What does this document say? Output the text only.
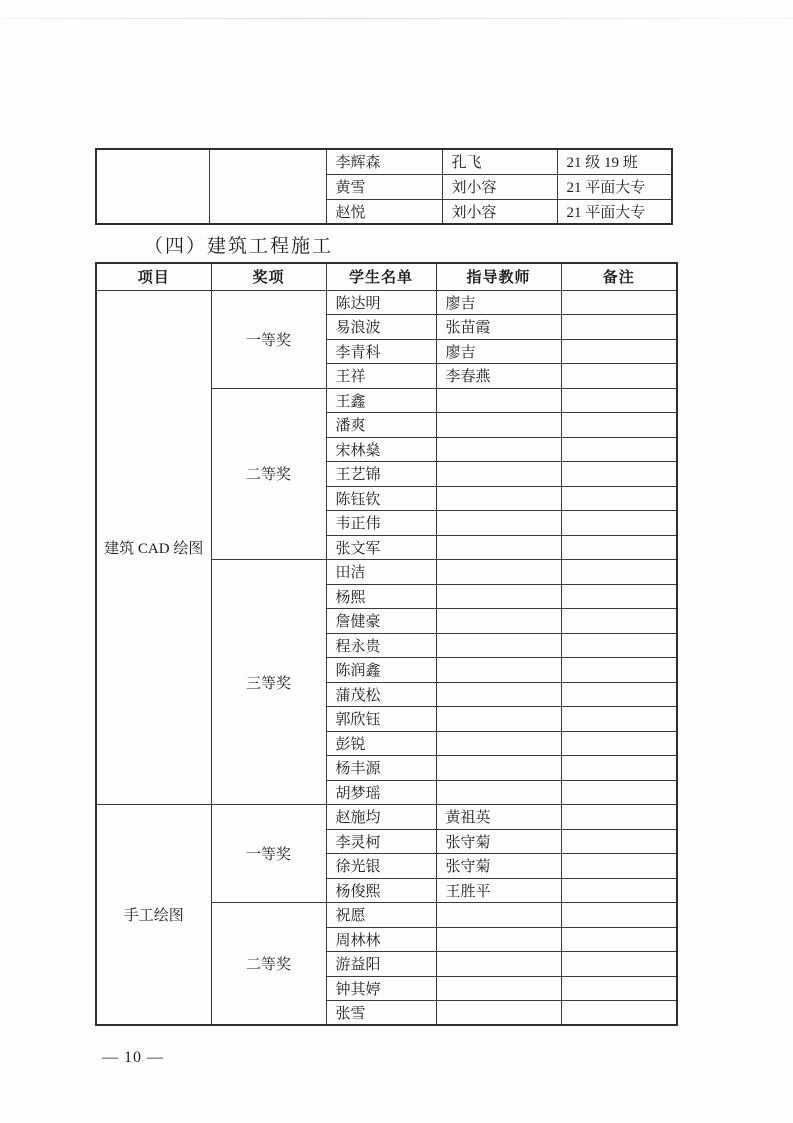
		李辉森	孔飞	21 级 19 班
		黄雪	刘小容	21 平面大专
		赵悦	刘小容	21 平面大专
（四）建筑工程施工
项目	奖项	学生名单	指导教师	备注
建筑 CAD 绘图	一等奖	陈达明	廖吉	
		易浪波	张苗霞	
		李青科	廖吉	
		王祥	李春燕	
	二等奖	王鑫		
		潘爽		
		宋林燊		
		王艺锦		
		陈钰钦		
		韦正伟		
		张文军		
	三等奖	田洁		
		杨熙		
		詹健豪		
		程永贵		
		陈润鑫		
		蒲茂松		
		郭欣钰		
		彭锐		
		杨丰源		
		胡梦瑶		
手工绘图	一等奖	赵施均	黄祖英	
		李灵柯	张守菊	
		徐光银	张守菊	
		杨俊熙	王胜平	
	二等奖	祝愿		
		周林林		
		游益阳		
		钟其婷		
		张雪		
— 10 —
